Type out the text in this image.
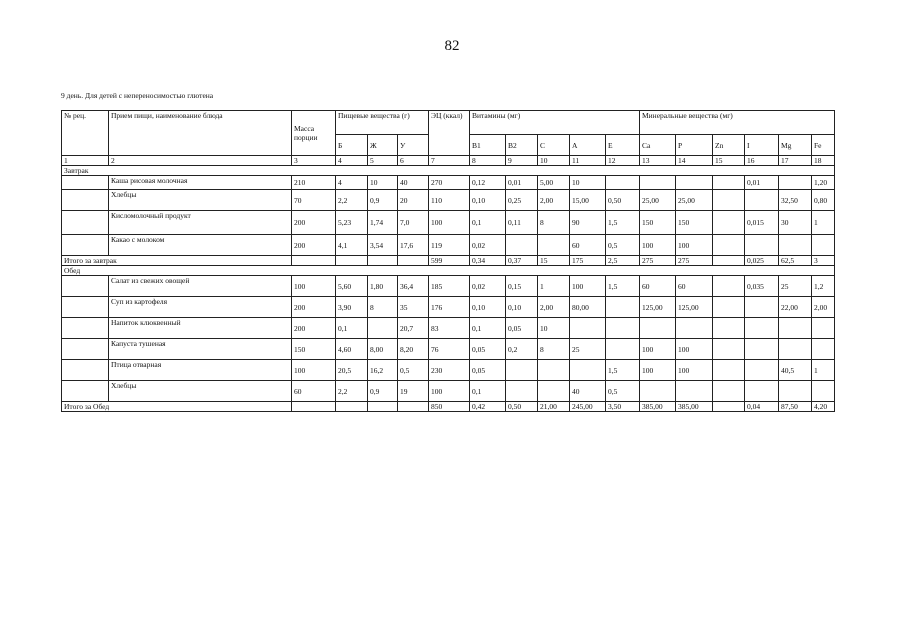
82
9 день. Для детей с непереносимостью глютена
№ рец.	Прием пищи, наименование блюда	Масса порции	Пищевые вещества (г)			ЭЦ (ккал)	Витамины (мг)					Минеральные вещества (мг)					
			Б	Ж	У		B1	B2	C	A	E	Ca	P	Zn	I	Mg	Fe
1	2	3	4	5	6	7	8	9	10	11	12	13	14	15	16	17	18
Завтрак																	
	Каша рисовая молочная	210	4	10	40	270	0,12	0,01	5,00	10					0,01		1,20
	Хлебцы	70	2,2	0,9	20	110	0,10	0,25	2,00	15,00	0,50	25,00	25,00			32,50	0,80
	Кисломолочный продукт	200	5,23	1,74	7,0	100	0,1	0,11	8	90	1,5	150	150		0,015	30	1
	Какао с молоком	200	4,1	3,54	17,6	119	0,02			60	0,5	100	100				
Итого за завтрак						599	0,34	0,37	15	175	2,5	275	275		0,025	62,5	3
Обед																	
	Салат из свежих овощей	100	5,60	1,80	36,4	185	0,02	0,15	1	100	1,5	60	60		0,035	25	1,2
	Суп из картофеля	200	3,90	8	35	176	0,10	0,10	2,00	80,00		125,00	125,00			22,00	2,00
	Напиток клюквенный	200	0,1		20,7	83	0,1	0,05	10								
	Капуста тушеная	150	4,60	8,00	8,20	76	0,05	0,2	8	25		100	100				
	Птица отварная	100	20,5	16,2	0,5	230	0,05				1,5	100	100			40,5	1
	Хлебцы	60	2,2	0,9	19	100	0,1			40	0,5						
Итого за Обед						850	0,42	0,50	21,00	245,00	3,50	385,00	385,00		0,04	87,50	4,20
